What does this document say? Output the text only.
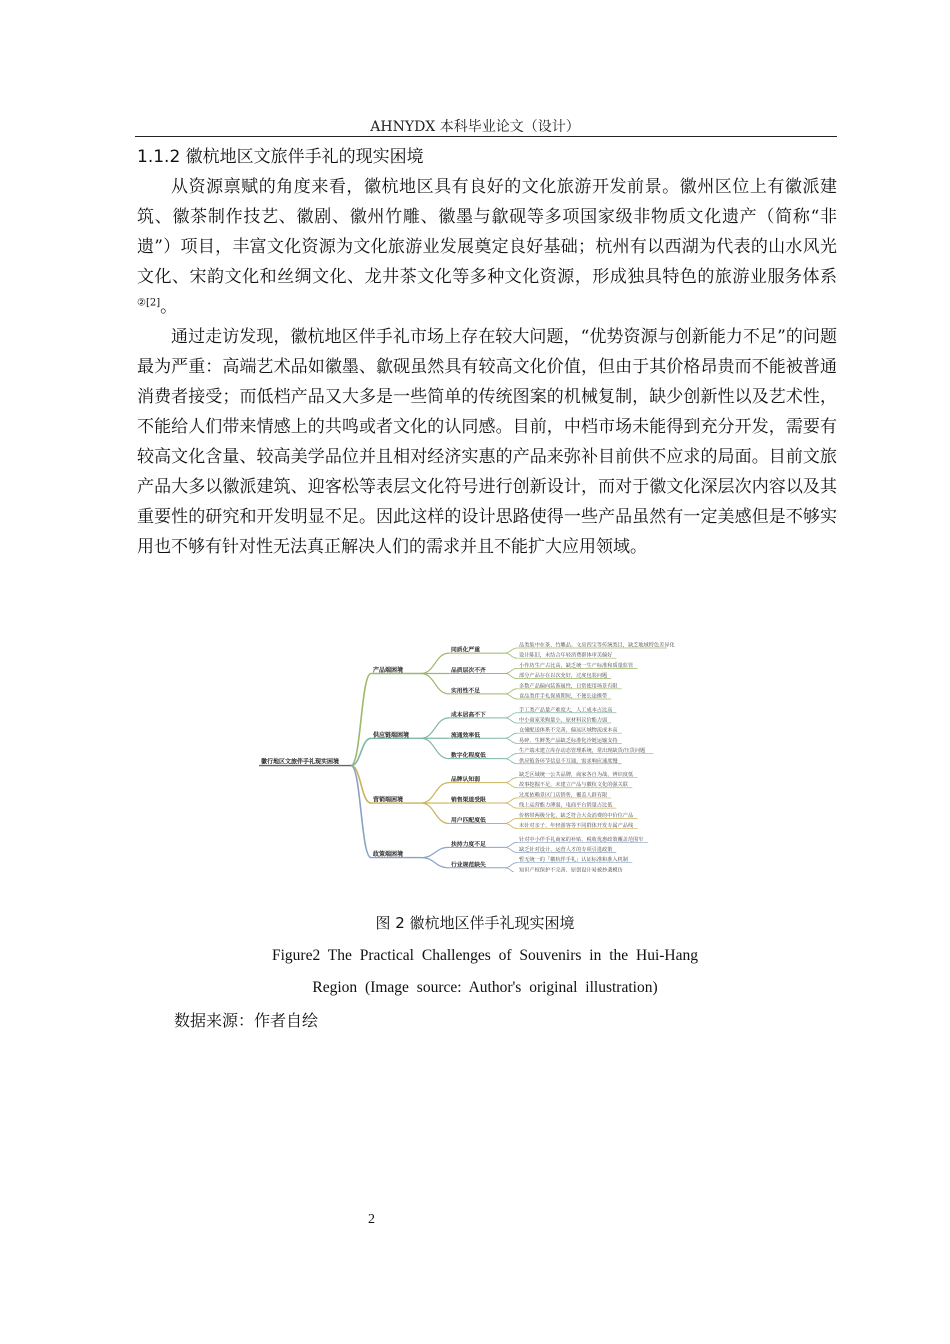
AHNYDX 本科毕业论文（设计）
1.1.2 徽杭地区文旅伴手礼的现实困境

从资源禀赋的角度来看，徽杭地区具有良好的文化旅游开发前景。徽州区位上有徽派建筑、徽茶制作技艺、徽剧、徽州竹雕、徽墨与歙砚等多项国家级非物质文化遗产（简称“非遗”）项目，丰富文化资源为文化旅游业发展奠定良好基础；杭州有以西湖为代表的山水风光文化、宋韵文化和丝绸文化、龙井茶文化等多种文化资源，形成独具特色的旅游业服务体系$^{②[2]}$。

通过走访发现，徽杭地区伴手礼市场上存在较大问题，“优势资源与创新能力不足”的问题最为严重：高端艺术品如徽墨、歙砚虽然具有较高文化价值，但由于其价格昂贵而不能被普通消费者接受；而低档产品又大多是一些简单的传统图案的机械复制，缺少创新性以及艺术性，不能给人们带来情感上的共鸣或者文化的认同感。目前，中档市场未能得到充分开发，需要有较高文化含量、较高美学品位并且相对经济实惠的产品来弥补目前供不应求的局面。目前文旅产品大多以徽派建筑、迎客松等表层文化符号进行创新设计，而对于徽文化深层次内容以及其重要性的研究和开发明显不足。因此这样的设计思路使得一些产品虽然有一定美感但是不够实用也不够有针对性无法真正解决人们的需求并且不能扩大应用领域。

品类集中在茶、竹雕品、文房四宝等传统类目，缺乏地域特色差异化
设计陈旧，未结合年轻消费群体审美偏好
同质化严重
小作坊生产占比高，缺乏统一生产标准和质量监管
部分产品存在以次充好，过度包装问题
品质层次不齐
多数产品偏向装饰属性，日常使用场景有限
食品类伴手礼保质期短，不便长途携带
实用性不足
产品端困境
手工类产品量产难度大，人工成本占比高
中小商家采购量小，原材料议价能力弱
成本居高不下
仓储配送体系不完善，偏远区域物流成本高
易碎、生鲜类产品缺乏标准化冷链运输支持
流通效率低
生产端未建立库存动态管理系统，常出现缺货/压货问题
供应链各环节信息不互通，需求响应速度慢
数字化程度低
供应链端困境
缺乏区域统一公共品牌，商家各自为战，辨识度低
故事挖掘不足，未建立产品与徽杭文化的强关联
品牌认知弱
过度依赖景区门店销售，覆盖人群有限
线上运营能力薄弱，电商平台销量占比低
销售渠道受限
价格带两极分化，缺乏符合大众消费的中价位产品
未针对亲子、年轻游客等不同群体开发专属产品线
用户匹配度低
营销端困境
针对中小伴手礼商家的补贴、税收优惠政策覆盖范围窄
缺乏针对设计、运营人才的专项引进政策
扶持力度不足
暂无统一的「徽杭伴手礼」认证标准和准入机制
知识产权保护不完善，原创设计易被抄袭模仿
行业规范缺失
政策端困境
徽行地区文旅伴手礼现实困境
图 2 徽杭地区伴手礼现实困境
Figure2 The Practical Challenges of Souvenirs in the Hui-Hang Region (Image source: Author's original illustration)
数据来源：作者自绘
2
